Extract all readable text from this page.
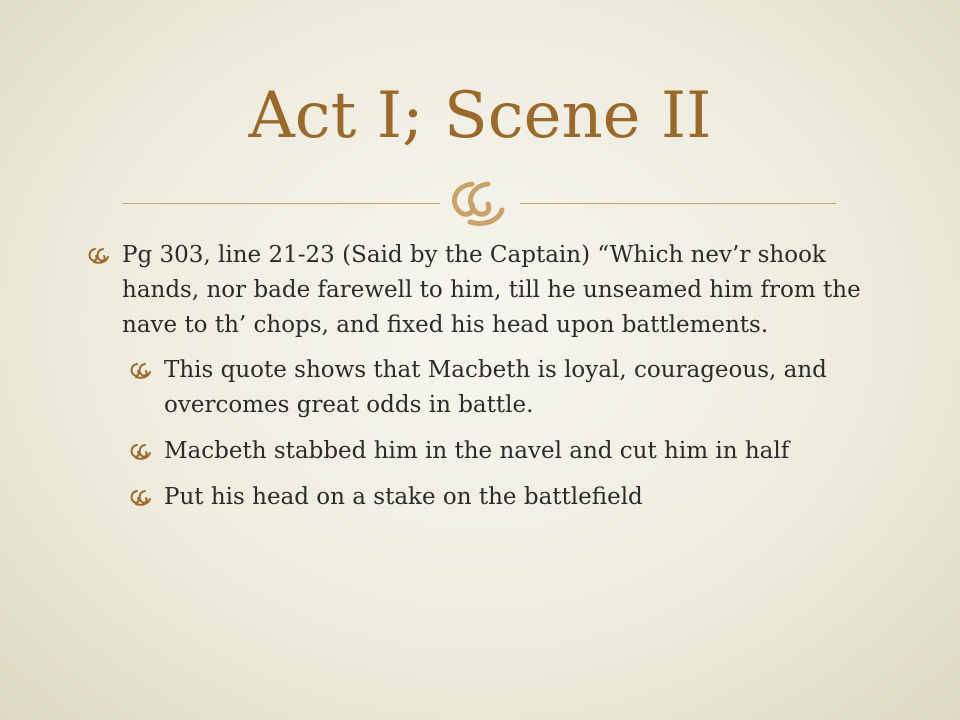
Act I; Scene II

Pg 303, line 21-23 (Said by the Captain) “Which nev’r shook hands, nor bade farewell to him, till he unseamed him from the nave to th’ chops, and fixed his head upon battlements.

This quote shows that Macbeth is loyal, courageous, and overcomes great odds in battle.

Macbeth stabbed him in the navel and cut him in half

Put his head on a stake on the battlefield
